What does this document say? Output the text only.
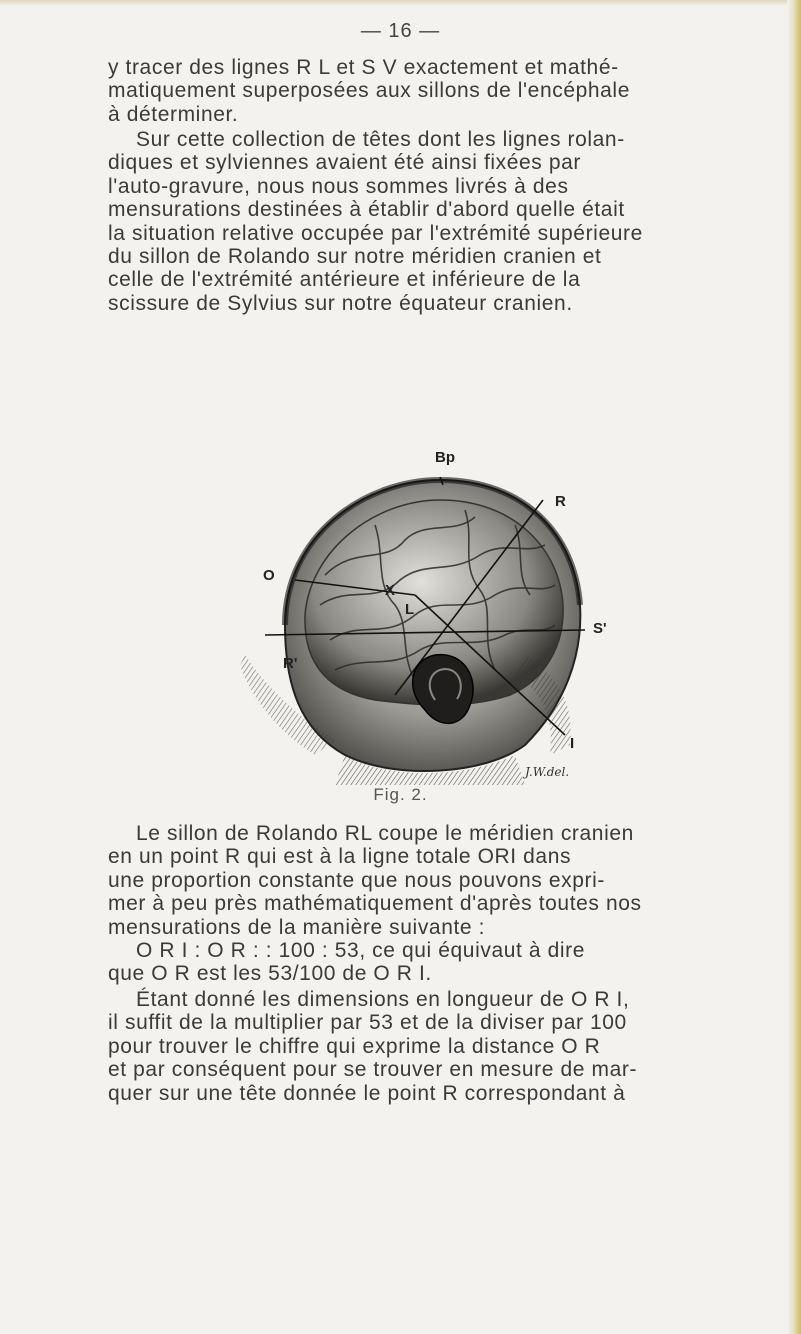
— 16 —
y tracer des lignes R L et S V exactement et mathé-
matiquement superposées aux sillons de l'encéphale
à déterminer.
Sur cette collection de têtes dont les lignes rolan-
diques et sylviennes avaient été ainsi fixées par
l'auto-gravure, nous nous sommes livrés à des
mensurations destinées à établir d'abord quelle était
la situation relative occupée par l'extrémité supérieure
du sillon de Rolando sur notre méridien cranien et
celle de l'extrémité antérieure et inférieure de la
scissure de Sylvius sur notre équateur cranien.
Bp
R
O
X
L
S'
R'
I
J.W.del.
Fig. 2.
Le sillon de Rolando RL coupe le méridien cranien
en un point R qui est à la ligne totale ORI dans
une proportion constante que nous pouvons expri-
mer à peu près mathématiquement d'après toutes nos
mensurations de la manière suivante :
O R I : O R : : 100 : 53, ce qui équivaut à dire
que O R est les 53/100 de O R I.
Étant donné les dimensions en longueur de O R I,
il suffit de la multiplier par 53 et de la diviser par 100
pour trouver le chiffre qui exprime la distance O R
et par conséquent pour se trouver en mesure de mar-
quer sur une tête donnée le point R correspondant à
